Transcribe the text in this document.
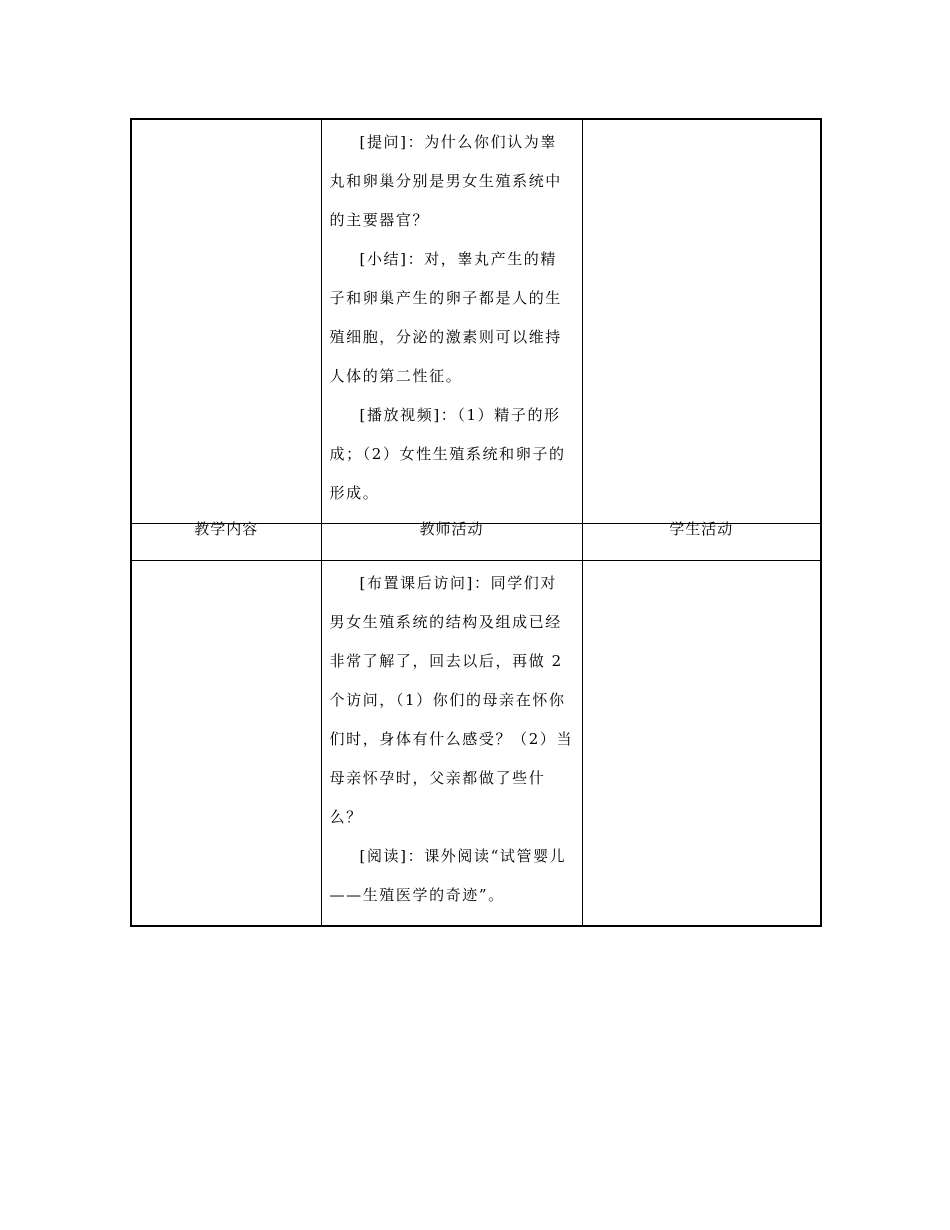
	[提问]：为什么你们认为睾丸和卵巢分别是男女生殖系统中的主要器官？

[小结]：对，睾丸产生的精子和卵巢产生的卵子都是人的生殖细胞，分泌的激素则可以维持人体的第二性征。

[播放视频]：（1）精子的形成；（2）女性生殖系统和卵子的形成。	

教学内容	教师活动	学生活动

	[布置课后访问]：同学们对男女生殖系统的结构及组成已经非常了解了，回去以后，再做 2 个访问，（1）你们的母亲在怀你们时，身体有什么感受？（2）当母亲怀孕时，父亲都做了些什么？

[阅读]：课外阅读“试管婴儿——生殖医学的奇迹”。	
